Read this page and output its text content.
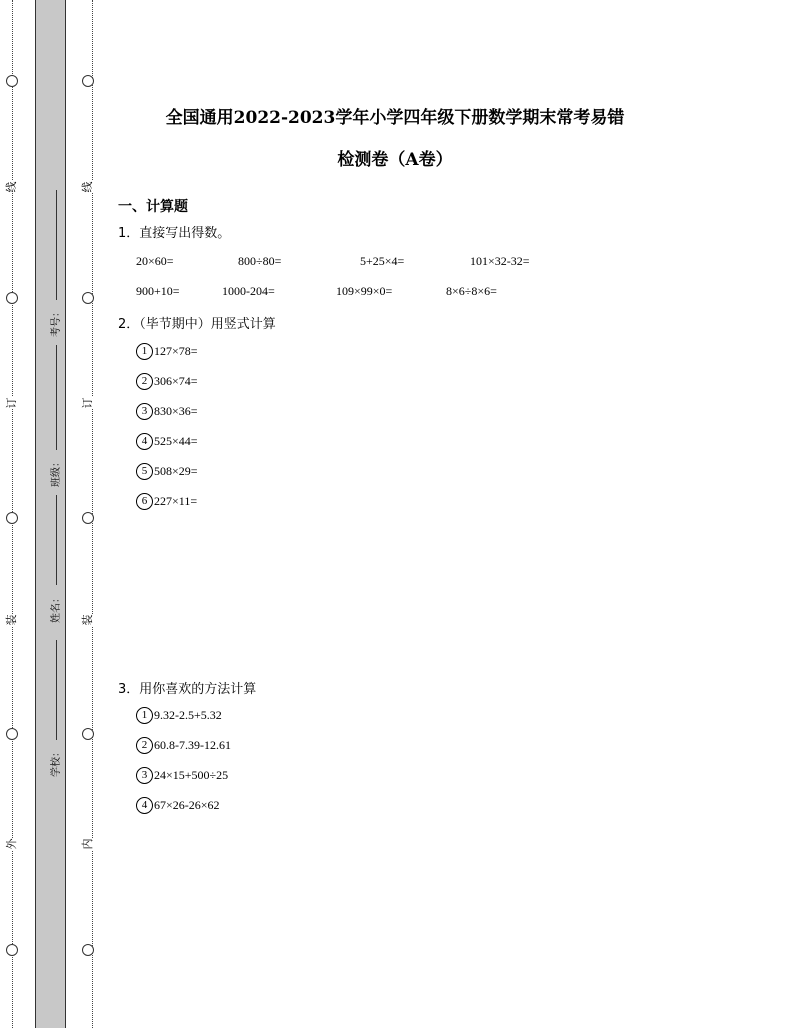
线
订
装
外
线
订
装
内
考号：
班级：
姓名：
学校：
全国通用2022-2023学年小学四年级下册数学期末常考易错
检测卷（A卷）
一、计算题
1．直接写出得数。
20×60=	800÷80=	5+25×4=	101×32-32=
900+10=	1000-204=	109×99×0=	8×6÷8×6=
2．（毕节期中）用竖式计算
1 127×78=
2 306×74=
3 830×36=
4 525×44=
5 508×29=
6 227×11=
3．用你喜欢的方法计算
1 9.32-2.5+5.32
2 60.8-7.39-12.61
3 24×15+500÷25
4 67×26-26×62
